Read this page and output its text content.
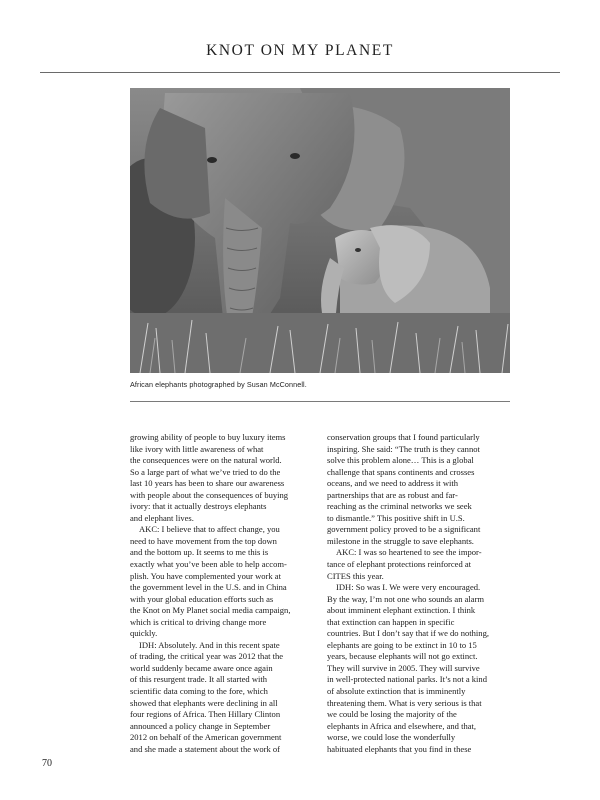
KNOT ON MY PLANET
African elephants photographed by Susan McConnell.
growing ability of people to buy luxury items
like ivory with little awareness of what
the consequences were on the natural world.
So a large part of what we’ve tried to do the
last 10 years has been to share our awareness
with people about the consequences of buying
ivory: that it actually destroys elephants
and elephant lives.
AKC: I believe that to affect change, you
need to have movement from the top down
and the bottom up. It seems to me this is
exactly what you’ve been able to help accom-
plish. You have complemented your work at
the government level in the U.S. and in China
with your global education efforts such as
the Knot on My Planet social media campaign,
which is critical to driving change more
quickly.
IDH: Absolutely. And in this recent spate
of trading, the critical year was 2012 that the
world suddenly became aware once again
of this resurgent trade. It all started with
scientific data coming to the fore, which
showed that elephants were declining in all
four regions of Africa. Then Hillary Clinton
announced a policy change in September
2012 on behalf of the American government
and she made a statement about the work of
conservation groups that I found particularly
inspiring. She said: “The truth is they cannot
solve this problem alone… This is a global
challenge that spans continents and crosses
oceans, and we need to address it with
partnerships that are as robust and far-
reaching as the criminal networks we seek
to dismantle.” This positive shift in U.S.
government policy proved to be a significant
milestone in the struggle to save elephants.
AKC: I was so heartened to see the impor-
tance of elephant protections reinforced at
CITES this year.
IDH: So was I. We were very encouraged.
By the way, I’m not one who sounds an alarm
about imminent elephant extinction. I think
that extinction can happen in specific
countries. But I don’t say that if we do nothing,
elephants are going to be extinct in 10 to 15
years, because elephants will not go extinct.
They will survive in 2005. They will survive
in well-protected national parks. It’s not a kind
of absolute extinction that is imminently
threatening them. What is very serious is that
we could be losing the majority of the
elephants in Africa and elsewhere, and that,
worse, we could lose the wonderfully
habituated elephants that you find in these
70
